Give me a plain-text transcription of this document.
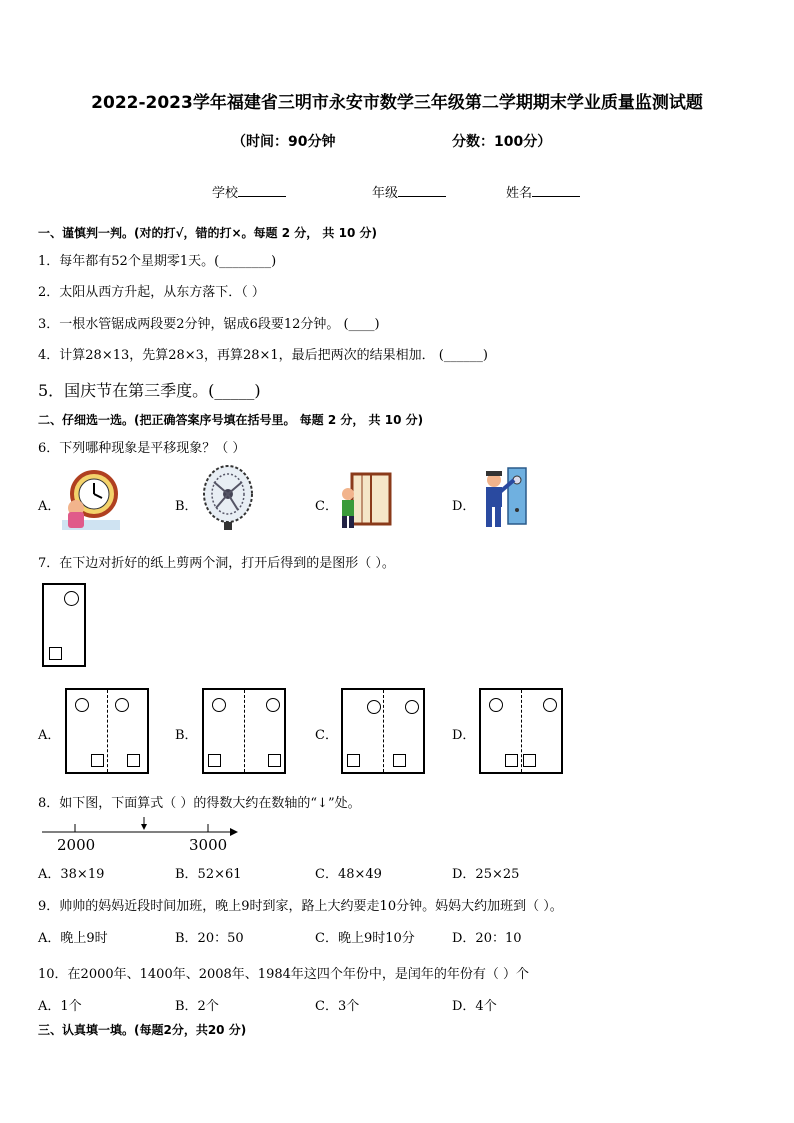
2022-2023学年福建省三明市永安市数学三年级第二学期期末学业质量监测试题
（时间：90分钟	分数：100分）
学校	年级	姓名
一、谨慎判一判。(对的打√，错的打×。每题 2 分， 共 10 分)
1．每年都有52个星期零1天。(________)
2．太阳从西方升起，从东方落下．（ ）
3．一根水管锯成两段要2分钟，锯成6段要12分钟。 (____)
4．计算28×13，先算28×3，再算28×1，最后把两次的结果相加． (______)
5．国庆节在第三季度。(_____)
二、仔细选一选。(把正确答案序号填在括号里。 每题 2 分， 共 10 分)
6．下列哪种现象是平移现象？（ ）
A．	B．	C．	D．
7．在下边对折好的纸上剪两个洞，打开后得到的是图形（ ）。
A．	B．	C．	D．
8．如下图，下面算式（ ）的得数大约在数轴的“↓”处。
2000	3000
A．38×19	B．52×61	C．48×49	D．25×25
9．帅帅的妈妈近段时间加班，晚上9时到家，路上大约要走10分钟。妈妈大约加班到（ ）。
A．晚上9时	B．20：50	C．晚上9时10分	D．20：10
10．在2000年、1400年、2008年、1984年这四个年份中，是闰年的年份有（ ）个
A．1个	B．2个	C．3个	D．4个
三、认真填一填。(每题2分，共20 分)
